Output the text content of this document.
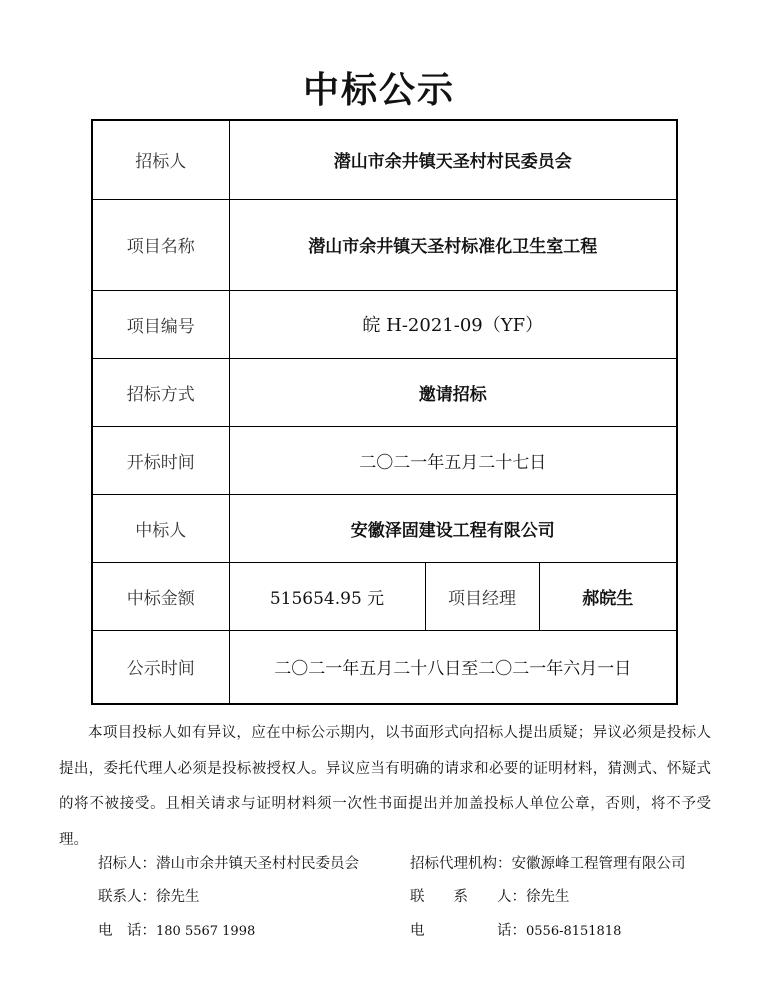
中标公示
招标人	潜山市余井镇天圣村村民委员会		
项目名称	潜山市余井镇天圣村标准化卫生室工程		
项目编号	皖 H-2021-09（YF）		
招标方式	邀请招标		
开标时间	二〇二一年五月二十七日		
中标人	安徽泽固建设工程有限公司		
中标金额	515654.95 元	项目经理	郝皖生
公示时间	二〇二一年五月二十八日至二〇二一年六月一日		
本项目投标人如有异议，应在中标公示期内，以书面形式向招标人提出质疑；异议必须是投标人提出，委托代理人必须是投标被授权人。异议应当有明确的请求和必要的证明材料，猜测式、怀疑式的将不被接受。且相关请求与证明材料须一次性书面提出并加盖投标人单位公章，否则，将不予受理。
招标人：潜山市余井镇天圣村村民委员会
联系人：徐先生
电　话：180 5567 1998
招标代理机构：安徽源峰工程管理有限公司
联　　系　　人：徐先生
电　　　　　话：0556-8151818
